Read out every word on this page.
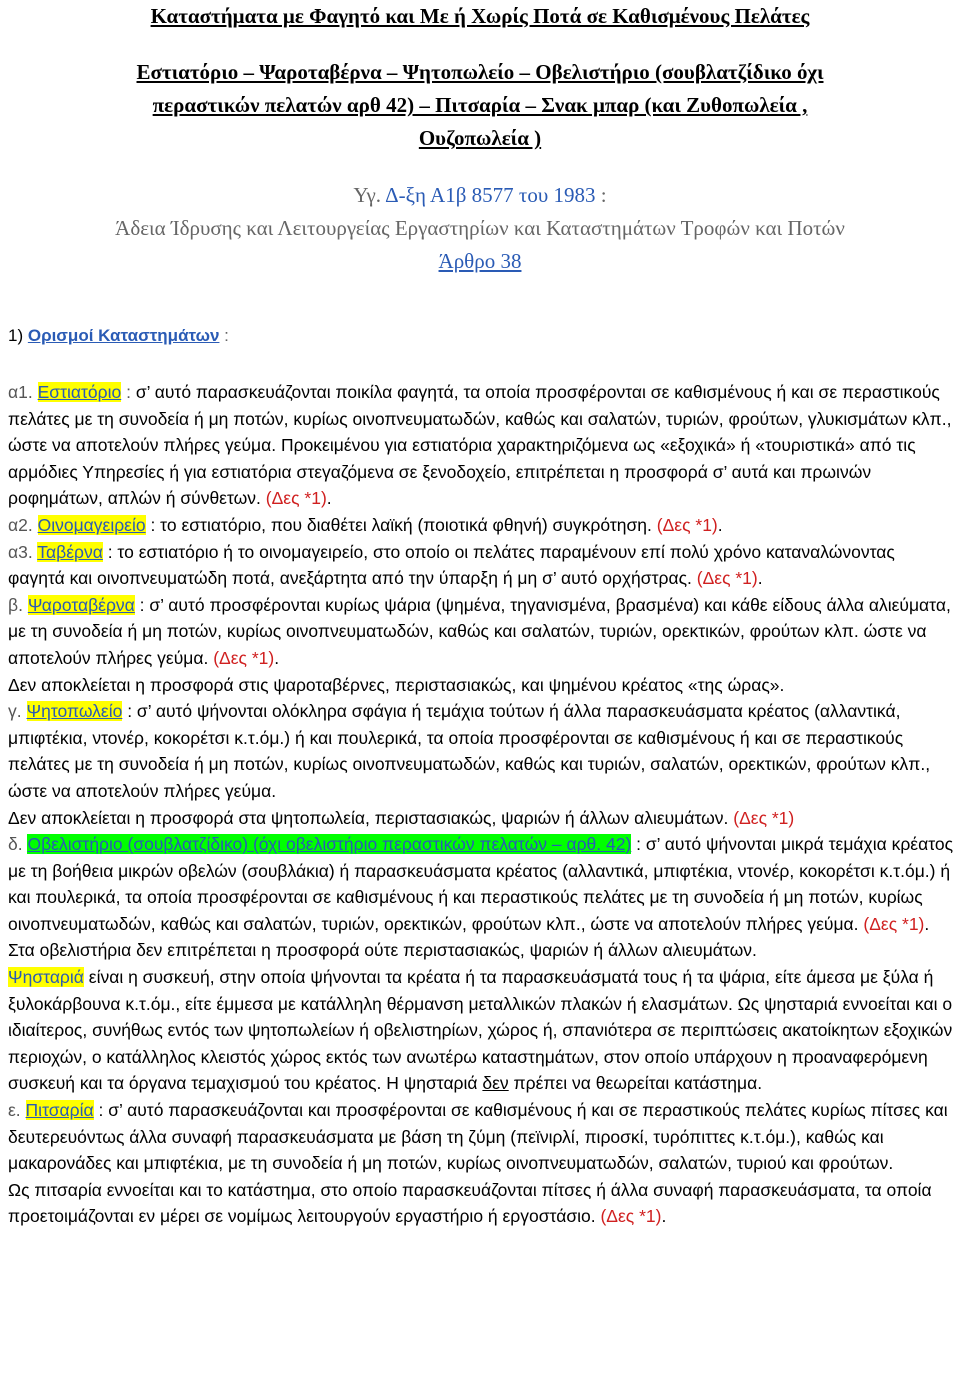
Καταστήματα με Φαγητό και Με ή Χωρίς Ποτά σε Καθισμένους Πελάτες
Εστιατόριο – Ψαροταβέρνα – Ψητοπωλείο – Οβελιστήριο (σουβλατζίδικο όχι
περαστικών πελατών αρθ 42) – Πιτσαρία – Σνακ μπαρ (και Ζυθοπωλεία ,
Ουζοπωλεία )
Υγ. Δ-ξη Α1β 8577 του 1983 :
Άδεια Ίδρυσης και Λειτουργείας Εργαστηρίων και Καταστημάτων Τροφών και Ποτών
Άρθρο 38
1) Ορισμοί Καταστημάτων :

α1. Εστιατόριο : σ’ αυτό παρασκευάζονται ποικίλα φαγητά, τα οποία προσφέρονται σε καθισμένους ή και σε περαστικούς πελάτες με τη συνοδεία ή μη ποτών, κυρίως οινοπνευματωδών, καθώς και σαλατών, τυριών, φρούτων, γλυκισμάτων κλπ., ώστε να αποτελούν πλήρες γεύμα. Προκειμένου για εστιατόρια χαρακτηριζόμενα ως «εξοχικά» ή «τουριστικά» από τις αρμόδιες Υπηρεσίες ή για εστιατόρια στεγαζόμενα σε ξενοδοχείο, επιτρέπεται η προσφορά σ’ αυτά και πρωινών ροφημάτων, απλών ή σύνθετων. (Δες *1).

α2. Οινομαγειρείο : το εστιατόριο, που διαθέτει λαϊκή (ποιοτικά φθηνή) συγκρότηση. (Δες *1).

α3. Ταβέρνα : το εστιατόριο ή το οινομαγειρείο, στο οποίο οι πελάτες παραμένουν επί πολύ χρόνο καταναλώνοντας φαγητά και οινοπνευματώδη ποτά, ανεξάρτητα από την ύπαρξη ή μη σ’ αυτό ορχήστρας. (Δες *1).

β. Ψαροταβέρνα : σ’ αυτό προσφέρονται κυρίως ψάρια (ψημένα, τηγανισμένα, βρασμένα) και κάθε είδους άλλα αλιεύματα, με τη συνοδεία ή μη ποτών, κυρίως οινοπνευματωδών, καθώς και σαλατών, τυριών, ορεκτικών, φρούτων κλπ. ώστε να αποτελούν πλήρες γεύμα. (Δες *1).

Δεν αποκλείεται η προσφορά στις ψαροταβέρνες, περιστασιακώς, και ψημένου κρέατος «της ώρας».

γ. Ψητοπωλείο : σ’ αυτό ψήνονται ολόκληρα σφάγια ή τεμάχια τούτων ή άλλα παρασκευάσματα κρέατος (αλλαντικά, μπιφτέκια, ντονέρ, κοκορέτσι κ.τ.όμ.) ή και πουλερικά, τα οποία προσφέρονται σε καθισμένους ή και σε περαστικούς πελάτες με τη συνοδεία ή μη ποτών, κυρίως οινοπνευματωδών, καθώς και τυριών, σαλατών, ορεκτικών, φρούτων κλπ., ώστε να αποτελούν πλήρες γεύμα.

Δεν αποκλείεται η προσφορά στα ψητοπωλεία, περιστασιακώς, ψαριών ή άλλων αλιευμάτων. (Δες *1)

δ. Οβελιστήριο (σουβλατζίδικο) (όχι οβελιστήριο περαστικών πελατών – αρθ. 42) : σ’ αυτό ψήνονται μικρά τεμάχια κρέατος με τη βοήθεια μικρών οβελών (σουβλάκια) ή παρασκευάσματα κρέατος (αλλαντικά, μπιφτέκια, ντονέρ, κοκορέτσι κ.τ.όμ.) ή και πουλερικά, τα οποία προσφέρονται σε καθισμένους ή και περαστικούς πελάτες με τη συνοδεία ή μη ποτών, κυρίως οινοπνευματωδών, καθώς και σαλατών, τυριών, ορεκτικών, φρούτων κλπ., ώστε να αποτελούν πλήρες γεύμα. (Δες *1).

Στα οβελιστήρια δεν επιτρέπεται η προσφορά ούτε περιστασιακώς, ψαριών ή άλλων αλιευμάτων.

Ψησταριά είναι η συσκευή, στην οποία ψήνονται τα κρέατα ή τα παρασκευάσματά τους ή τα ψάρια, είτε άμεσα με ξύλα ή ξυλοκάρβουνα κ.τ.όμ., είτε έμμεσα με κατάλληλη θέρμανση μεταλλικών πλακών ή ελασμάτων. Ως ψησταριά εννοείται και ο ιδιαίτερος, συνήθως εντός των ψητοπωλείων ή οβελιστηρίων, χώρος ή, σπανιότερα σε περιπτώσεις ακατοίκητων εξοχικών περιοχών, ο κατάλληλος κλειστός χώρος εκτός των ανωτέρω καταστημάτων, στον οποίο υπάρχουν η προαναφερόμενη συσκευή και τα όργανα τεμαχισμού του κρέατος. Η ψησταριά δεν πρέπει να θεωρείται κατάστημα.

ε. Πιτσαρία : σ’ αυτό παρασκευάζονται και προσφέρονται σε καθισμένους ή και σε περαστικούς πελάτες κυρίως πίτσες και δευτερευόντως άλλα συναφή παρασκευάσματα με βάση τη ζύμη (πεϊνιρλί, πιροσκί, τυρόπιττες κ.τ.όμ.), καθώς και μακαρονάδες και μπιφτέκια, με τη συνοδεία ή μη ποτών, κυρίως οινοπνευματωδών, σαλατών, τυριού και φρούτων.

Ως πιτσαρία εννοείται και το κατάστημα, στο οποίο παρασκευάζονται πίτσες ή άλλα συναφή παρασκευάσματα, τα οποία προετοιμάζονται εν μέρει σε νομίμως λειτουργούν εργαστήριο ή εργοστάσιο. (Δες *1).
